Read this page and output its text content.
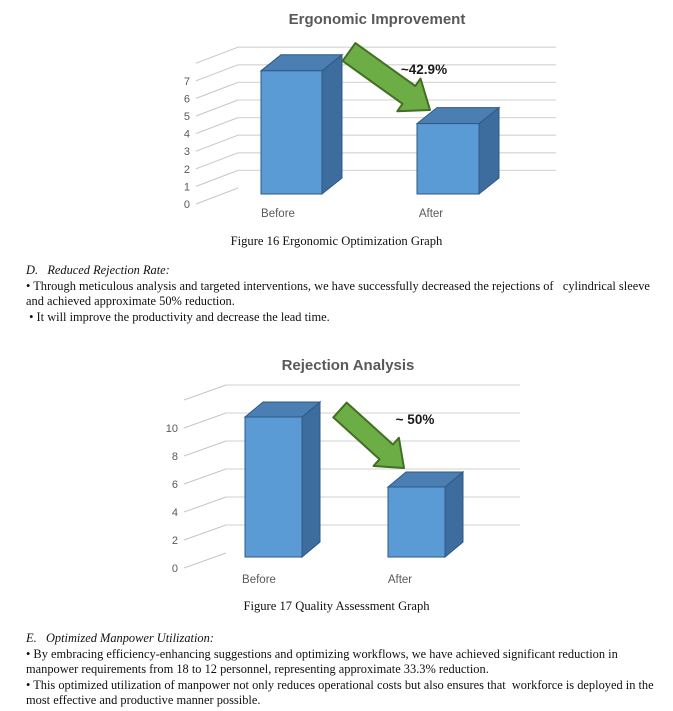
0
1
2
3
4
5
6
7
Before	After
~42.9%
Ergonomic Improvement
Figure 16 Ergonomic Optimization Graph

D.   Reduced Rejection Rate:

• Through meticulous analysis and targeted interventions, we have successfully decreased the rejections of   cylindrical sleeve and achieved approximate 50% reduction.

• It will improve the productivity and decrease the lead time.

0
2
4
6
8
10
Before	After
~ 50%
Rejection Analysis
Figure 17 Quality Assessment Graph

E.   Optimized Manpower Utilization:

• By embracing efficiency-enhancing suggestions and optimizing workflows, we have achieved significant reduction in   manpower requirements from 18 to 12 personnel, representing approximate 33.3% reduction.

• This optimized utilization of manpower not only reduces operational costs but also ensures that  workforce is deployed in the most effective and productive manner possible.
